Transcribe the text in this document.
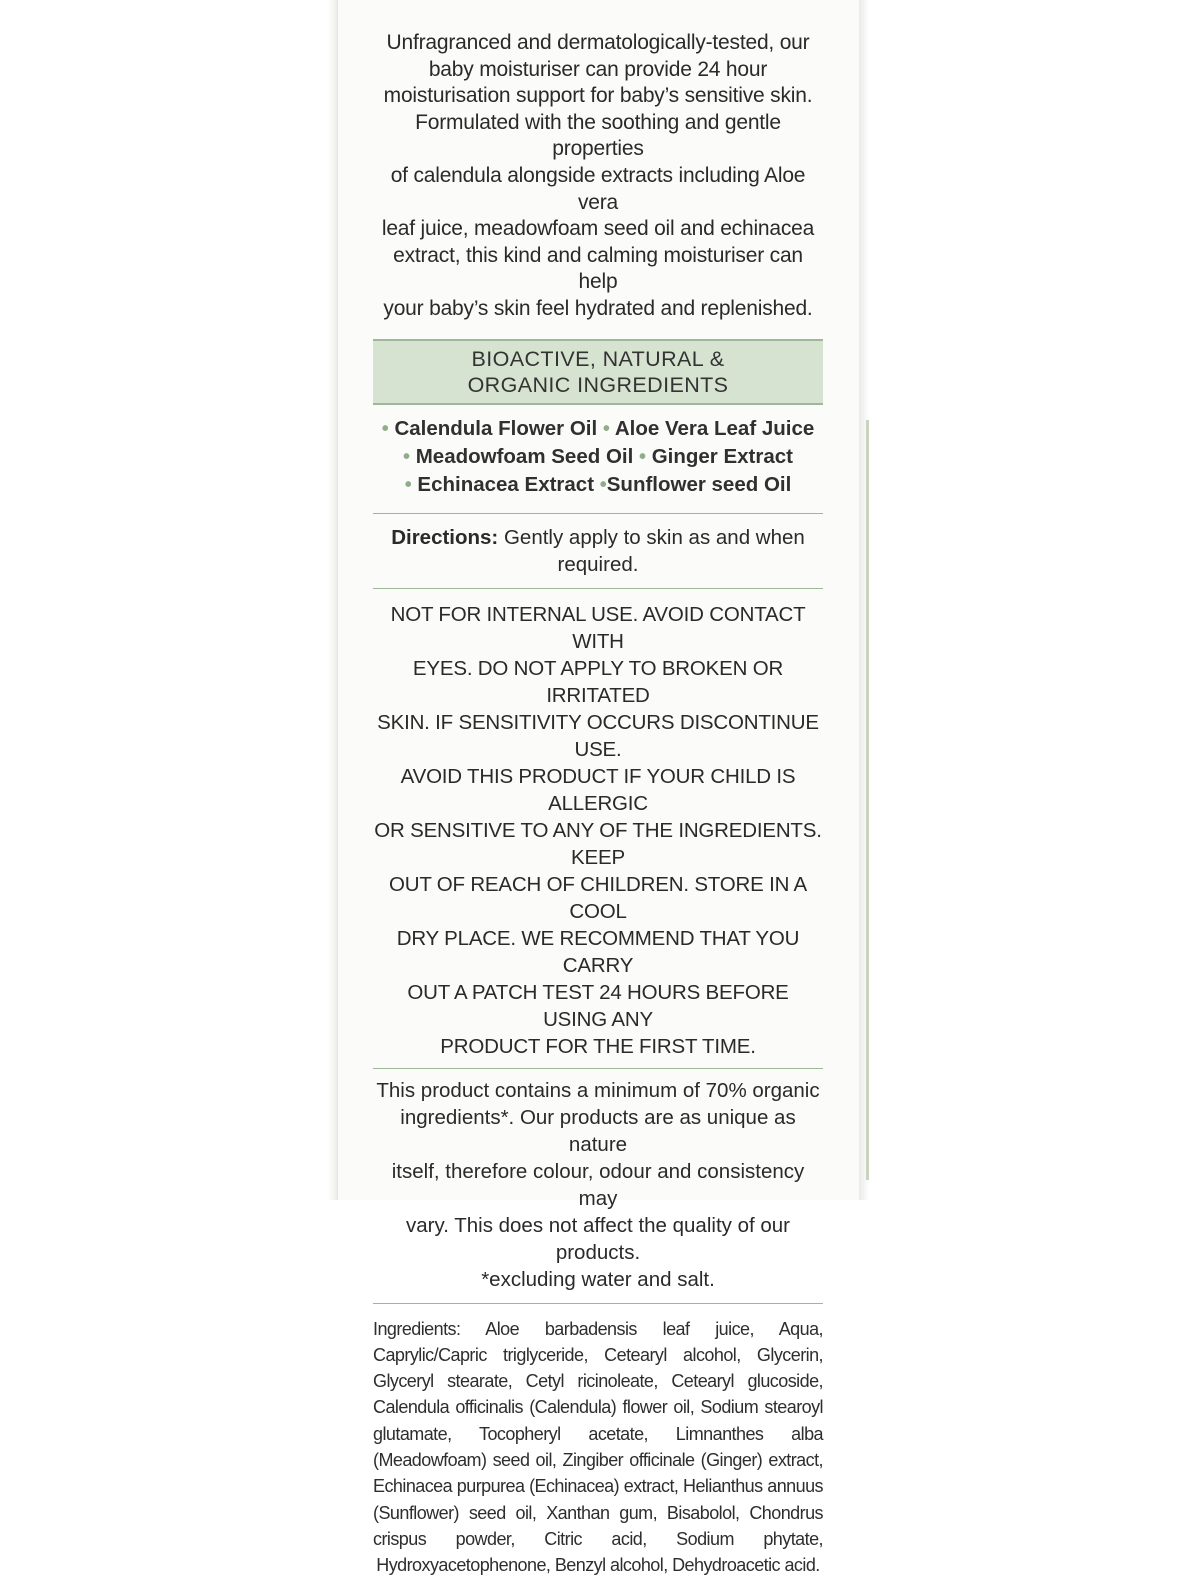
Unfragranced and dermatologically-tested, our
baby moisturiser can provide 24 hour
moisturisation support for baby’s sensitive skin.
Formulated with the soothing and gentle properties
of calendula alongside extracts including Aloe vera
leaf juice, meadowfoam seed oil and echinacea
extract, this kind and calming moisturiser can help
your baby’s skin feel hydrated and replenished.

BIOACTIVE, NATURAL &
ORGANIC INGREDIENTS
• Calendula Flower Oil • Aloe Vera Leaf Juice
• Meadowfoam Seed Oil • Ginger Extract
• Echinacea Extract •Sunflower seed Oil

Directions: Gently apply to skin as and when required.

NOT FOR INTERNAL USE. AVOID CONTACT WITH
EYES. DO NOT APPLY TO BROKEN OR IRRITATED
SKIN. IF SENSITIVITY OCCURS DISCONTINUE USE.
AVOID THIS PRODUCT IF YOUR CHILD IS ALLERGIC
OR SENSITIVE TO ANY OF THE INGREDIENTS. KEEP
OUT OF REACH OF CHILDREN. STORE IN A COOL
DRY PLACE. WE RECOMMEND THAT YOU CARRY
OUT A PATCH TEST 24 HOURS BEFORE USING ANY
PRODUCT FOR THE FIRST TIME.

This product contains a minimum of 70% organic
ingredients*. Our products are as unique as nature
itself, therefore colour, odour and consistency may
vary. This does not affect the quality of our products.
*excluding water and salt.

Ingredients: Aloe barbadensis leaf juice, Aqua, Caprylic/Capric triglyceride, Cetearyl alcohol, Glycerin, Glyceryl stearate, Cetyl ricinoleate, Cetearyl glucoside, Calendula officinalis (Calendula) flower oil, Sodium stearoyl glutamate, Tocopheryl acetate, Limnanthes alba (Meadowfoam) seed oil, Zingiber officinale (Ginger) extract, Echinacea purpurea (Echinacea) extract, Helianthus annuus (Sunflower) seed oil, Xanthan gum, Bisabolol, Chondrus crispus powder, Citric acid, Sodium phytate, Hydroxyacetophenone, Benzyl alcohol, Dehydroacetic acid.
